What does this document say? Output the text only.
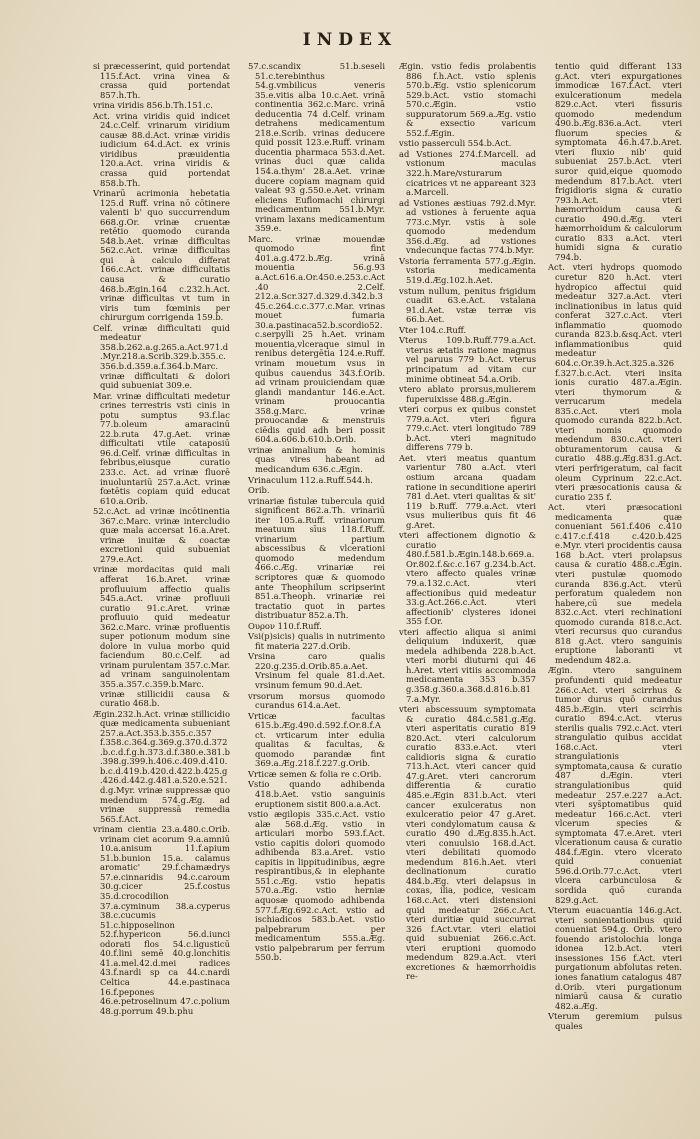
INDEX
si præcesserint, quid portendat 115.f.Act. vrina vinea & crassa quid portendat 857.h.Th.
vrina viridis 856.b.Th.151.c.
Act. vrina viridis quid indicet 24.c.Celf. vrinarum viridium causæ 88.d.Act. vrinæ viridis iudicium 64.d.Act. ex vrinis viridibus præuidentia 120.a.Act. vrina viridis & crassa quid portendat 858.b.Th.
Vrinarū acrimonia hebetatia 125.d Ruff. vrina nō cōtinere valenti b' quo succurrendum 668.g.Or. vrinæ cruentæ retētio quomodo curanda 548.b.Aet. vrinæ difficultas 562.c.Act. vrinæ difficultas qui à calculo differat 166.c.Act. vrinæ difficultatis causa & curatio 468.b.Ægin.164 c.232.h.Act. vrinæ difficultas vt tum in viris tum fœminis per chirurgum corrigenda 159.b.
Celf. vrinæ difficultati quid medeatur 358.b.262.a.g.265.a.Act.971.d.Myr.218.a.Scrib.329.b.355.c.356.b.d.359.a.f.364.b.Marc. vrinæ difficultati & dolori quid subueniat 309.e.
Mar. vrinæ difficultati medetur crines terrestris vsti cinis in potu sumptus 93.f.lac 77.b.oleum amaracinū 22.b.ruta 47.g.Aet. vrinæ difficultati vtile cataposiū 96.d.Celf. vrinæ difficultas in febribus,eiusque curatio 233.c. Act. ad vrinæ fluorē inuoluntariū 257.a.Act. vrinæ fœtētis copiam quid educat 610.a.Orib.
52.c.Act. ad vrinæ incōtinentia 367.c.Marc. vrinæ intercludio quæ mala accersat 16.a.Aret. vrinæ inuitæ & coactæ excretioni quid subueniat 279.e.Act.
vrinæ mordacitas quid mali afferat 16.b.Aret. vrinæ profluuium affectio qualis 545.a.Act. vrinæ profluuii curatio 91.c.Aret. vrinæ profluuio quid medeatur 362.c.Marc. vrinæ profluentis super potionum modum sine dolore in vulua morbo quid faciendum 80.c.Celf. ad vrinam purulentam 357.c.Mar. ad vrinam sanguinolentam 355.a.357.c.359.b.Marc. vrinæ stillicidii causa & curatio 468.b.
Ægin.232.h.Act. vrinæ stillicidio quæ medicamenta subueniant 257.a.Act.353.b.355.c.357 f.358.c.364.g.369.g.370.d.372.b.c.d.f.g.h.373.d.f.380.e.381.b.398.g.399.h.406.c.409.d.410.b.c.d.419.b.420.d.422.b.425.g.426.d.442.g.481.a.520.e.521.d.g.Myr. vrinæ suppressæ quo medendum 574.g.Æg. ad vrinæ suppressā remedia 565.f.Act.
vrinam cientia 23.a.480.c.Orib. vrinam ciet acorum 9.a.amniū 10.a.anisum 11.f.apium 51.b.bunion 15.a. calamus aromatic' 29.f.chamædrys 57.e.cinnaridis 94.c.caroum 30.g.cicer 25.f.costus 35.d.crocodilion 37.a.cyminum 38.a.cyperus 38.c.cucumis 51.c.hipposelinon 52.f.hypericon 56.d.iunci odorati flos 54.c.ligusticū 40.f.lini semē 40.g.lonchitis 41.a.mel.42.d.mei radices 43.f.nardi sp ca 44.c.nardi Celtica 44.e.pastinaca 16.f.pepones 46.e.petroselinum 47.c.polium 48.g.porrum 49.b.phu
57.c.scandix 51.b.seseli 51.c.terebinthus 54.g.vmbilicus veneris 35.e.vitis alba 10.c.Aet. vrinā continentia 362.c.Marc. vrinā deducentia 74 d.Celf. vrinam detrahens medicamentum 218.e.Scrib. vrinas deducere quid possit 123.e.Ruff. vrinam ducentia pharmaca 553.d.Aet. vrinas duci quæ calida 154.a.thym' 28.a.Aet. vrinæ ducere copiam magnam quid valeat 93 g.550.e.Aet. vrinam eliciens Euflomachi chirurgi medicamentum 551.b.Myr. vrinam laxans medicamentum 359.e.
Marc. vrinæ mouendæ quomodo fint 401.a.g.472.b.Æg. vrinā mouentia 56.g.93 a.Act.616.a.Or.450.e.253.c.Act.40 2.Celf. 212.a.Scr.327.d.329.d.342.b.345.c.264.c.c.377.c.Mar. vrinas mouet fumaria 30.a.pastinaca52.b.scordio52.c.serpylli 25 h.Aet. vrinam mouentia,vlceraque simul in renibus detergētia 124.e.Ruff. vrinam mouetum vsus in quibus cauendus 343.f.Orib. ad vrinam prouiciendam quæ glandi mandantur 146.e.Act. vrinam prouocantia 358.g.Marc. vrinæ prouocandæ & menstruis ciēdis quid adh beri possit 604.a.606.b.610.b.Orib.
vrinæ animalium & hominis quas vires habeant ad medicandum 636.c.Ægin.
Vrinaculum 112.a.Ruff.544.h.
Orib.
vrinariæ fistulæ tubercula quid significent 862.a.Th. vrinariū iter 105.a.Ruff. vrinariorum meatuum sīus 118.f.Ruff. vrinarium partium abscessibus & vlcerationi quomodo medendum 466.c.Æg. vrinariæ rei scriptores quæ & quomodo ante Theophilum scripserint 851.a.Theoph. vrinariæ rei tractatio quot in partes distribuatur 852.a.Th.
Ουρον 110.f.Ruff.
Vsi(p)sicis) qualis in nutrimento fit materia 227.d.Orib.
Vrsina caro qualis 220.g.235.d.Orib.85.a.Aet. Vrsinum fel quale 81.d.Aet. vrsinum femum 90.d.Aet.
vrsorum morsus quomodo curandus 614.a.Aet.
Vrticæ facultas 615.b.Æg.490.d.592.f.Or.8.f.Act. vrticarum inter edulia qualitas & facultas, & quomodo parandæ fint 369.a.Æg.218.f.227.g.Orib.
Vrticæ semen & folia re c.Orib.
Vstio quando adhibenda 418.b.Aet. vstio sanguinis eruptionem sistit 800.a.a.Act.
vstio ægilopis 335.c.Act. vstio alæ 568.d.Æg. vstio in articulari morbo 593.f.Act. vstio capitis dolori quomodo adhibenda 83.a.Aret. vstio capitis in lippitudinibus, ægre respirantibus,& in elephante 551.c.Æg. vstio hepatis 570.a.Æg. vstio herniæ aquosæ quomodo adhibenda 577.f.Æg.692.c.Act. vstio ad ischiadicos 583.b.Aet. vstio palpebrarum per medicamentum 555.a.Æg. vstio palpebrarum per ferrum 550.b.
Ægin. vstio fedis prolabentis 886 f.h.Act. vstio splenis 570.b.Æg. vstio splenicorum 529.b.Act. vstio stomachi 570.c.Ægin. vstio suppuratorum 569.a.Æg. vstio & exsectio varicum 552.f.Ægin.
vstio passerculi 554.b.Act.
ad Vstiones 274.f.Marcell. ad vstionum maculas 322.h.Mare/vsturarum cicatrices vt ne appareant 323 a.Marcell.
ad Vstiones æstiuas 792.d.Myr. ad vstiones à feruente aqua 773.c.Myr. vstis à sole quomodo medendum 356.d.Æg. ad vstiones vndecunque factas 774.b.Myr.
Vstoria ferramenta 577.g.Ægin. vstoria medicamenta 519.d.Æg.102.h.Aet.
vstum nullum, penitus frigidum cuadit 63.e.Act. vstalana 91.d.Aet. vstæ terræ vis 66.b.Aet.
Vter 104.c.Ruff.
Vterus 109.b.Ruff.779.a.Act. vterus ætatis ratione magnus vel paruus 779 b.Act. vterus principatum ad vitam cur minime obtineat 54.a.Orib.
vtero ablato prorsus,mulierem fuperuixisse 488.g.Ægin.
vteri corpus ex quibus constet 779.a.Act. vteri figura 779.c.Act. vteri longitudo 789 b.Act. vteri magnitudo differens 779 b.
Aet. vteri meatus quantum varientur 780 a.Act. vteri ostium arcana quadam ratione in secunditione aperiri 781 d.Aet. vteri qualitas & sit' 119 b.Ruff. 779.a.Act. vteri vsus mulieribus quis fit 46 g.Aret.
vteri affectionem dignotio & curatio 480.f.581.b.Ægin.148.b.669.a.Or.802.f.&c.c.167 g.234.b.Act. vtero affecto quales vrinæ 79.a.132.c.Act. vteri affectionibus quid medeatur 33.g.Act.266.c.Act. vteri affectionib' clysteres idonei 355 f.Or.
vteri affectio aliqua si animi deliquium induxerit, quæ medela adhibenda 228.b.Act. vteri morbi diuturni qui 46 h.Aret. vteri vitiis accommoda medicamenta 353 b.357 g.358.g.360.a.368.d.816.b.817.a.Myr.
vteri abscessuum symptomata & curatio 484.c.581.g.Æg. vteri asperitatis curatio 819 820.Act. vteri calculorum curatio 833.e.Act. vteri calidioris signa & curatio 713.h.Act. vteri cancer quid 47.g.Aret. vteri cancrorum differentia & curatio 485.e.Ægin 831.b.Act. vteri cancer exulceratus non exulceratio peior 47 g.Aret. vteri condylomatum causa & curatio 490 d.Æg.835.h.Act. vteri conuulsio 168.d.Act. vteri debilitati quomodo medendum 816.h.Aet. vteri declinationum curatio 484.b.Æg. vteri delapsus in coxas, ilia, podice, vesicam 168.c.Act. vteri distensioni quid medeatur 266.c.Act. vteri duritiæ quid succurrat 326 f.Act.vtar. vteri elatioi quid subueniat 266.c.Act. vteri eruptioni quomodo medendum 829.a.Act. vteri excretiones & hæmorrhoidis re-
tentio quid differant 133 g.Act. vteri expurgationes immodicæ 167.f.Act. vteri exulcerationum medela 829.c.Act. vteri fissuris quomodo medendum 490.b.Æg.836.a.Act. vteri fluorum species & symptomata 46.h.47.b.Aret. vteri fluxio nib' quid subueniat 257.b.Act. vteri suror quid,eique quomodo medendum 817.b.Act. vteri frigidioris signa & curatio 793.h.Act. vteri hæmorrhoidum causa & curatio 490.d.Æg. vteri hæmorrhoidum & calculorum curatio 833 a.Act. vteri humidi signa & curatio 794.b.
Act. vteri hydrops quomodo curetur 820 h.Act. vteri hydropico affectui quid medeatur 327.a.Act. vteri inclinationibus in latus quid conferat 327.c.Act. vteri inflammatio quomodo curanda 823.b.&sq.Act. vteri inflammationibus quid medeatur 604.c.Or.39.h.Act.325.a.326 f.327.b.c.Act. vteri insita ionis curatio 487.a.Ægin. vteri thymorum & verrucarum medela 835.c.Act. vteri mola quomodo curanda 822.b.Act. vteri nomis quomodo medendum 830.c.Act. vteri obturamentorum causa & curatio 488.g.Æg.831.g.Act. vteri perfrigeratum, cal facit oleum Cyprinum 22.c.Act. vteri præsocationis causa & curatio 235 f.
Act. vteri præsocationi medicamenta quæ conueniant 561.f.406 c.410 c.417.c.f.418 c.420.b.425 e.Myr. vteri procidentis causa 168 b.Act. vteri prolapsus causa & curatio 488.c.Ægin. vteri pustulæ quomodo curanda 836.g.Act. vterū perforatum qualedem non habere,cū sue medela 832.c.Act. vteri rechinationi quomodo curanda 818.c.Act. vteri recursus quo curandus 818 g.Act. vtero sanguinis eruptione laboranti vt medendum 482.a.
Ægin. vtero sanguinem profundenti quid medeatur 266.c.Act. vteri scirrhus & tumor durus quō curandus 485.b.Ægin. vteri scirrhis curatio 894.c.Act. vterus sterilis qualis 792.c.Act. vteri strangulatio quibus accidat 168.c.Act. vteri strangulationis symptomata,causa & curatio 487 d.Ægin. vteri strangulationibus quid medeatur 257.e.227 a.Act. vteri sys̄ptomatibus quid medeatur 166.c.Act. vteri vlcerum species & symptomata 47.e.Aret. vteri vlcerationum causa & curatio 484.f.Ægin. vtero vlcerato quid conueniat 596.d.Orib.77.c.Act. vteri vlcera carbunculosa & sordida quō curanda 829.g.Act.
Vterum euacuantia 146.g.Act. vteri sonientationibus quid conueniat 594.g. Orib. vtero fouendo aristolochia longa idonea 12.b.Act. vteri insessiones 156 f.Act. vteri purgationum abfolutas reten. iones fanatium catalogus 487 d.Orib. vteri purgationum nimiarū causa & curatio 482.a.Æg.
Vterum geremium pulsus quales
